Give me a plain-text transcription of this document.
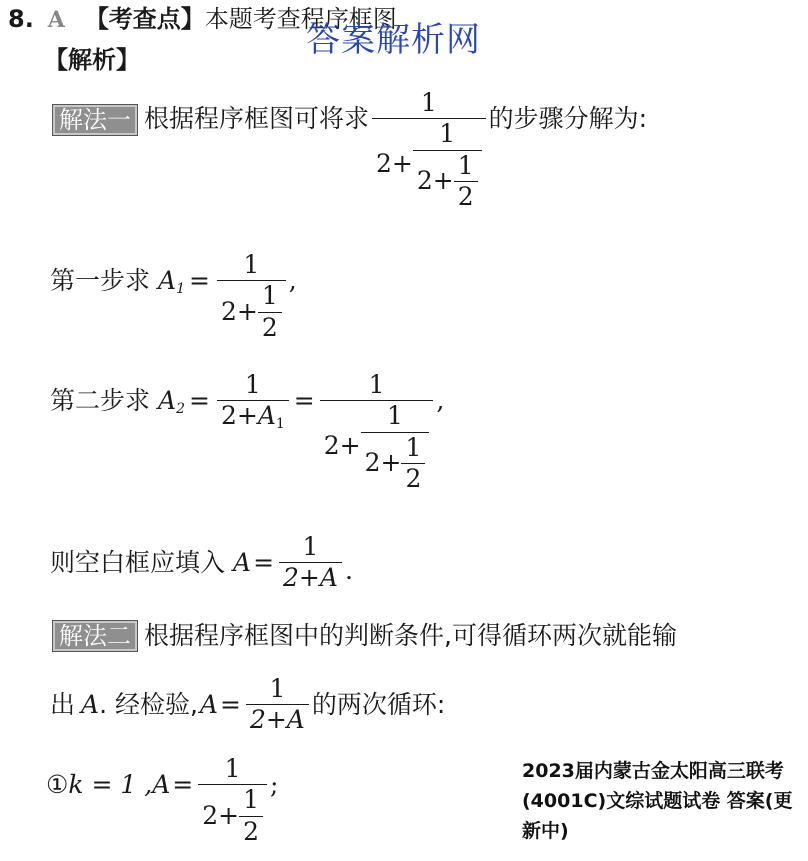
8. A 【考查点】本题考查程序框图
答案解析网
【解析】
解法一 根据程序框图可将求
1
$2+ \frac{1}{2+ \frac{1}{2}}$
的步骤分解为:
第一步求 $A_1 = \frac{1}{2+ \frac{1}{2}}$ ,
第二步求 $A_2 = \frac{1}{2+A_1}$ =
1
$2+ \frac{1}{2+ \frac{1}{2}}$
,
则空白框应填入 $A = \frac{1}{2+A}$ .
解法二 根据程序框图中的判断条件,可得循环两次就能输
出 A . 经检验, $A = \frac{1}{2+A}$ 的两次循环:
① k = 1 , $A = \frac{1}{2+ \frac{1}{2}}$ ;	2023届内蒙古金太阳高三联考(4001C)文综试题试卷 答案(更新中)
